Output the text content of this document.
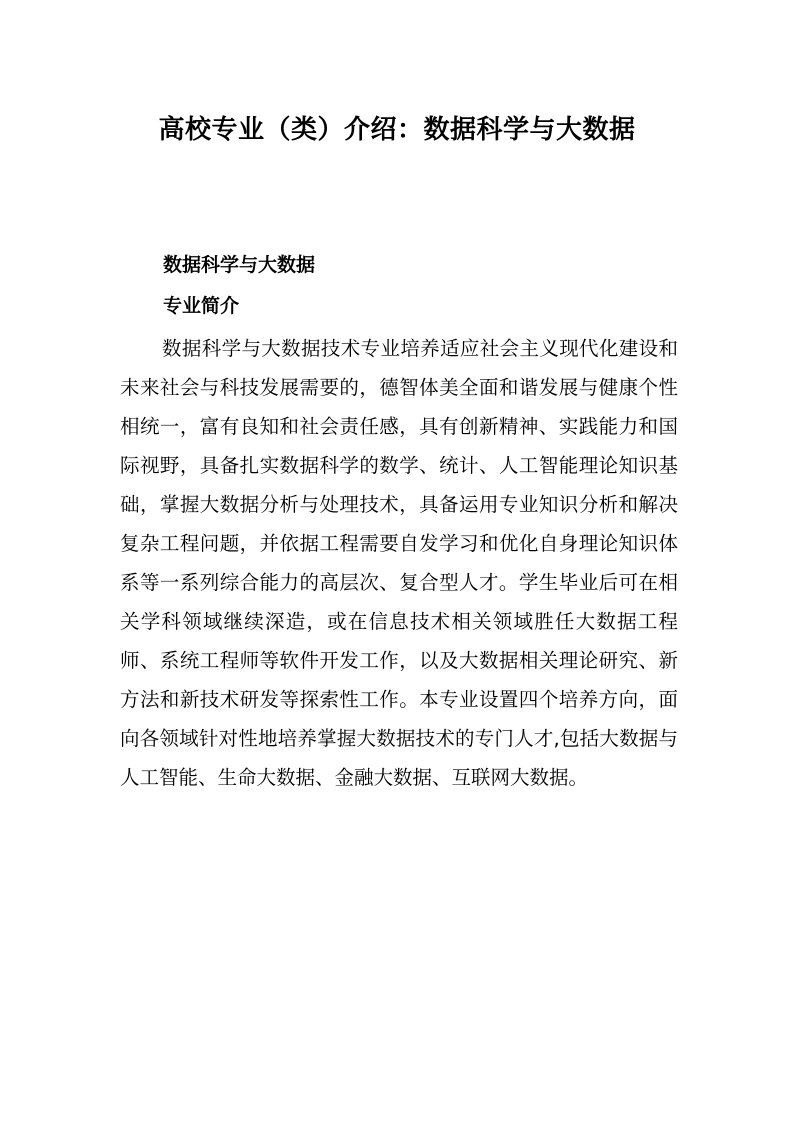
高校专业（类）介绍：数据科学与大数据
数据科学与大数据
专业简介

数据科学与大数据技术专业培养适应社会主义现代化建设和未来社会与科技发展需要的，德智体美全面和谐发展与健康个性相统一，富有良知和社会责任感，具有创新精神、实践能力和国际视野，具备扎实数据科学的数学、统计、人工智能理论知识基础，掌握大数据分析与处理技术，具备运用专业知识分析和解决复杂工程问题，并依据工程需要自发学习和优化自身理论知识体系等一系列综合能力的高层次、复合型人才。学生毕业后可在相关学科领域继续深造，或在信息技术相关领域胜任大数据工程师、系统工程师等软件开发工作，以及大数据相关理论研究、新方法和新技术研发等探索性工作。本专业设置四个培养方向，面向各领域针对性地培养掌握大数据技术的专门人才,包括大数据与人工智能、生命大数据、金融大数据、互联网大数据。
